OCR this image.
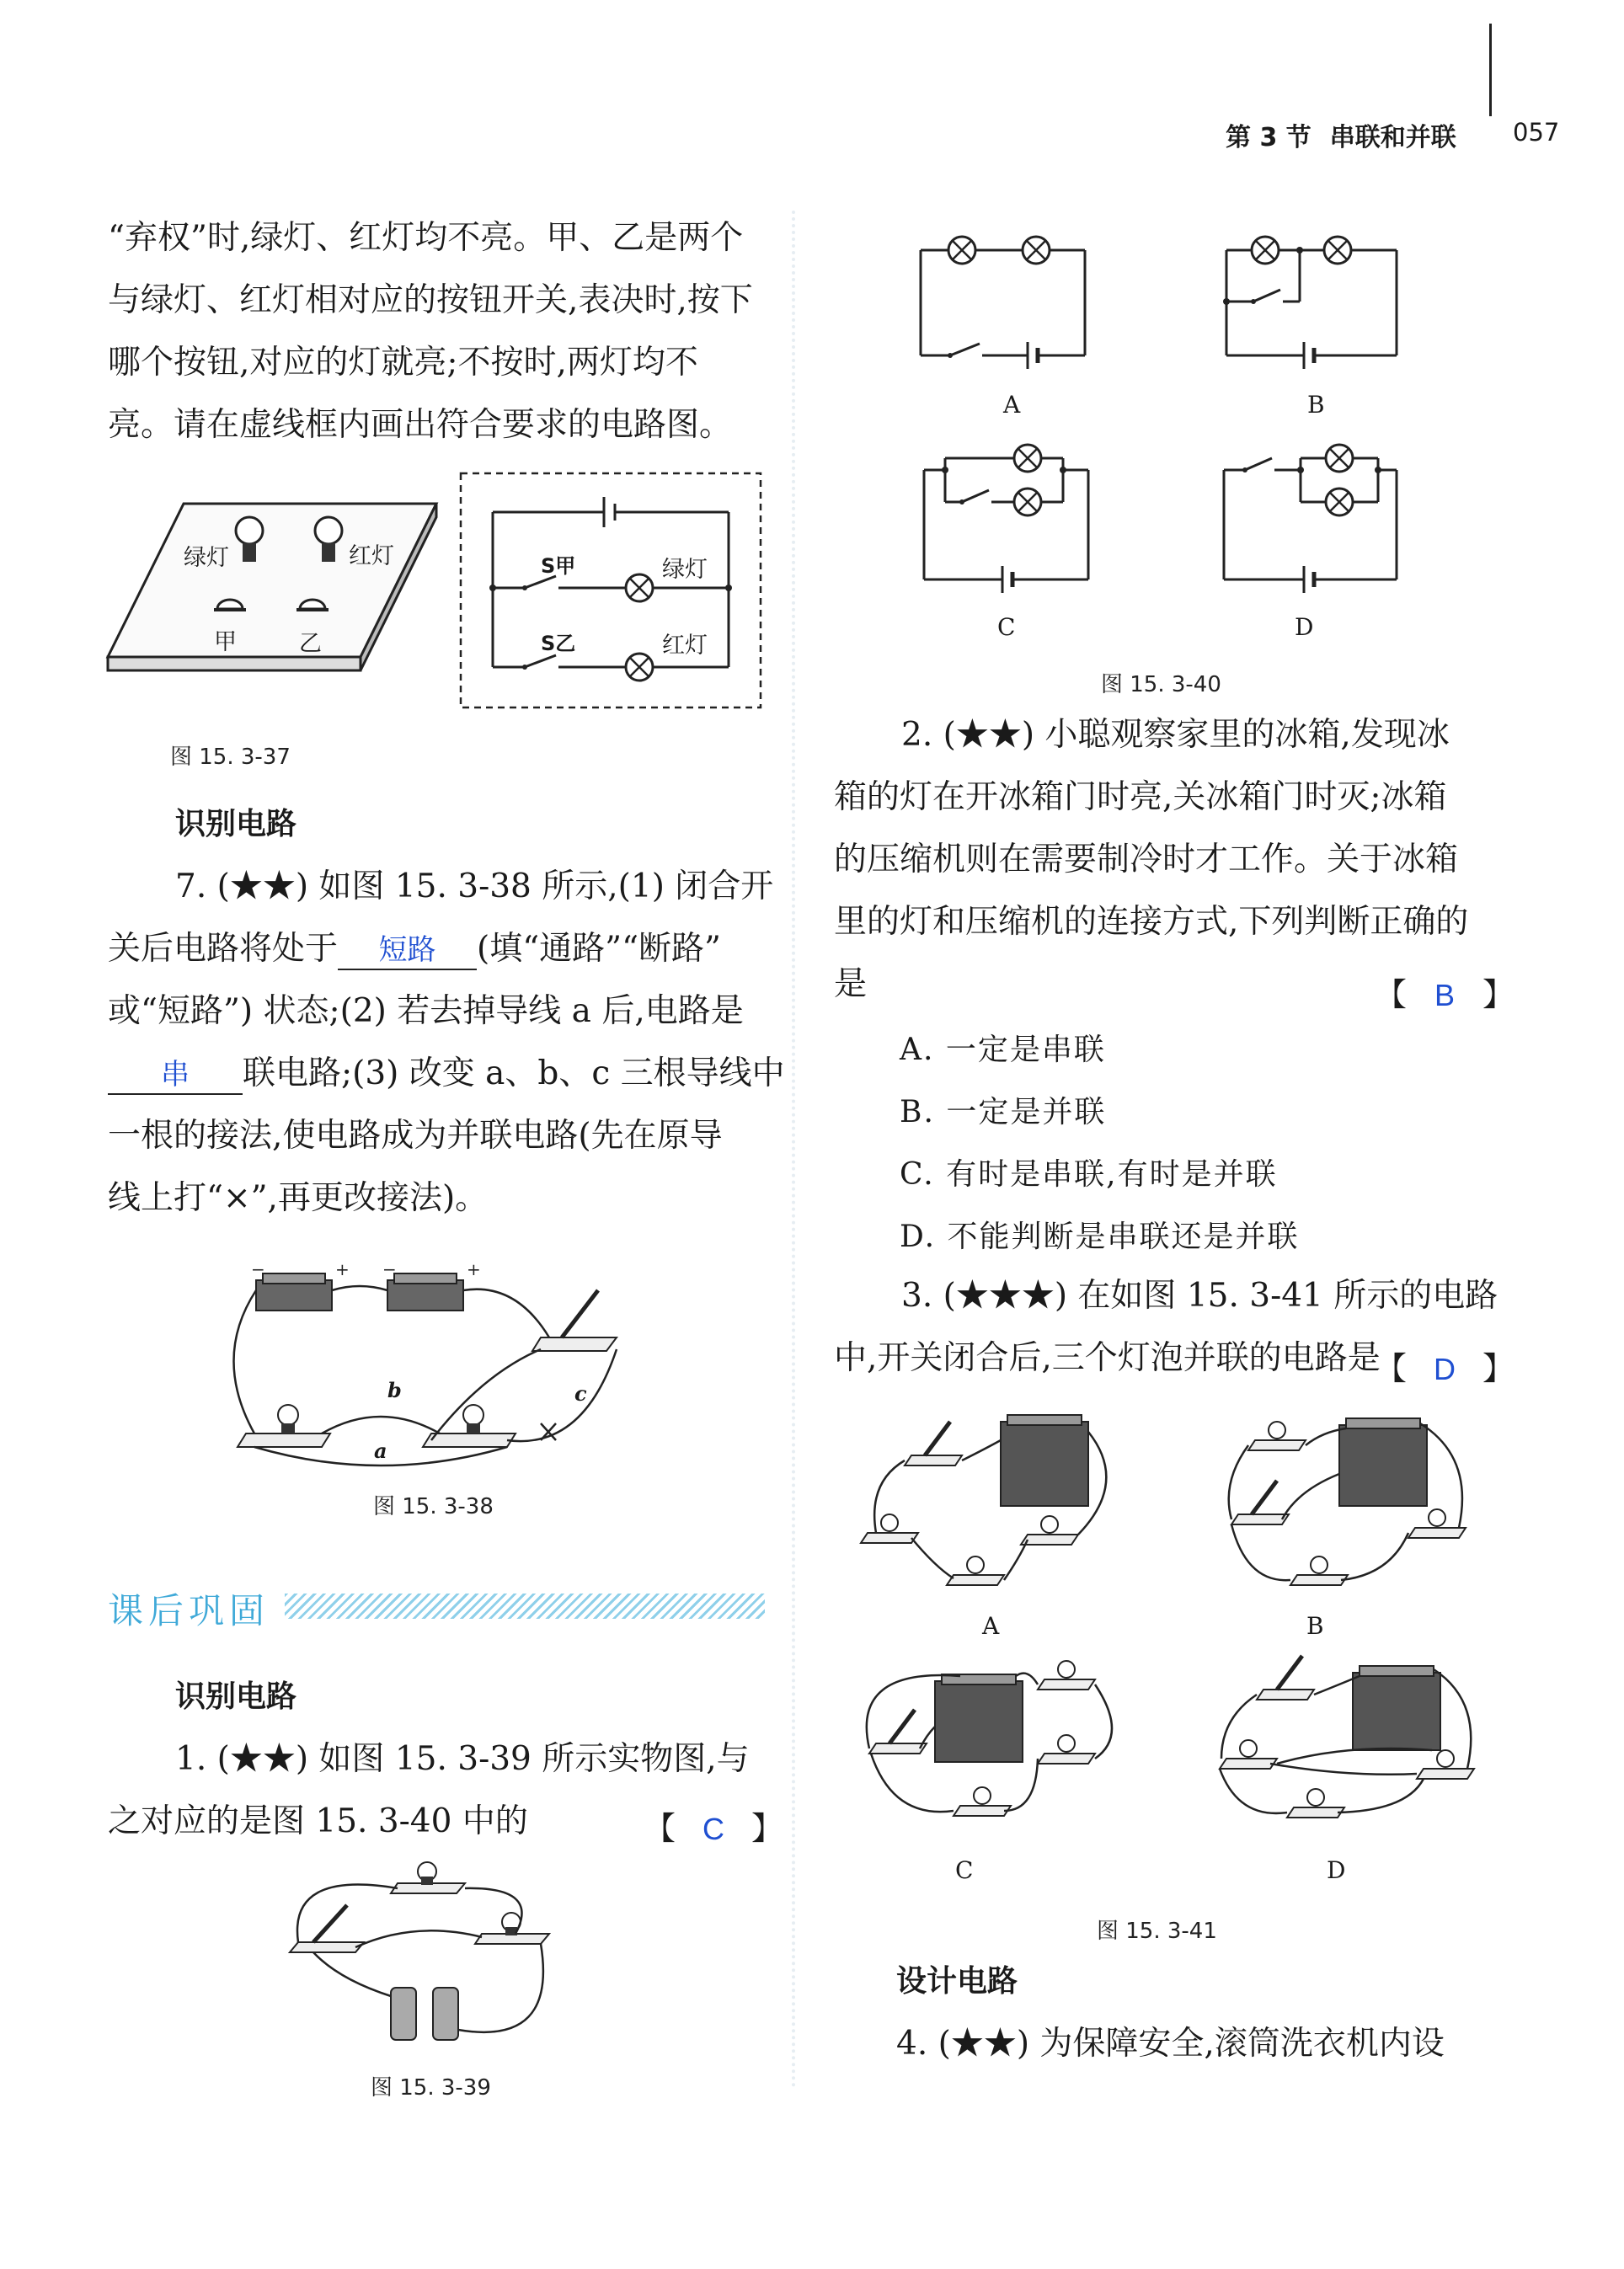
第 3 节 串联和并联	057
“弃权”时,绿灯、红灯均不亮。甲、乙是两个
与绿灯、红灯相对应的按钮开关,表决时,按下
哪个按钮,对应的灯就亮;不按时,两灯均不
亮。请在虚线框内画出符合要求的电路图。
绿灯	红灯
甲	乙
S甲	绿灯
S乙	红灯
图 15. 3-37
识别电路
7. (★★) 如图 15. 3-38 所示,(1) 闭合开
关后电路将处于 短路 (填“通路”“断路”
或“短路”) 状态;(2) 若去掉导线 a 后,电路是
串 联电路;(3) 改变 a、b、c 三根导线中
一根的接法,使电路成为并联电路(先在原导
线上打“×”,再更改接法)。
−	+ −	+
b	c
a
图 15. 3-38
课后巩固
识别电路
1. (★★) 如图 15. 3-39 所示实物图,与
之对应的是图 15. 3-40 中的	【 C 】
图 15. 3-39
A	B
C	D
图 15. 3-40
2. (★★) 小聪观察家里的冰箱,发现冰
箱的灯在开冰箱门时亮,关冰箱门时灭;冰箱
的压缩机则在需要制冷时才工作。关于冰箱
里的灯和压缩机的连接方式,下列判断正确的
是	【 B 】
A. 一定是串联
B. 一定是并联
C. 有时是串联,有时是并联
D. 不能判断是串联还是并联
3. (★★★) 在如图 15. 3-41 所示的电路
中,开关闭合后,三个灯泡并联的电路是
【 D 】
A	B
C	D
图 15. 3-41
设计电路
4. (★★) 为保障安全,滚筒洗衣机内设
